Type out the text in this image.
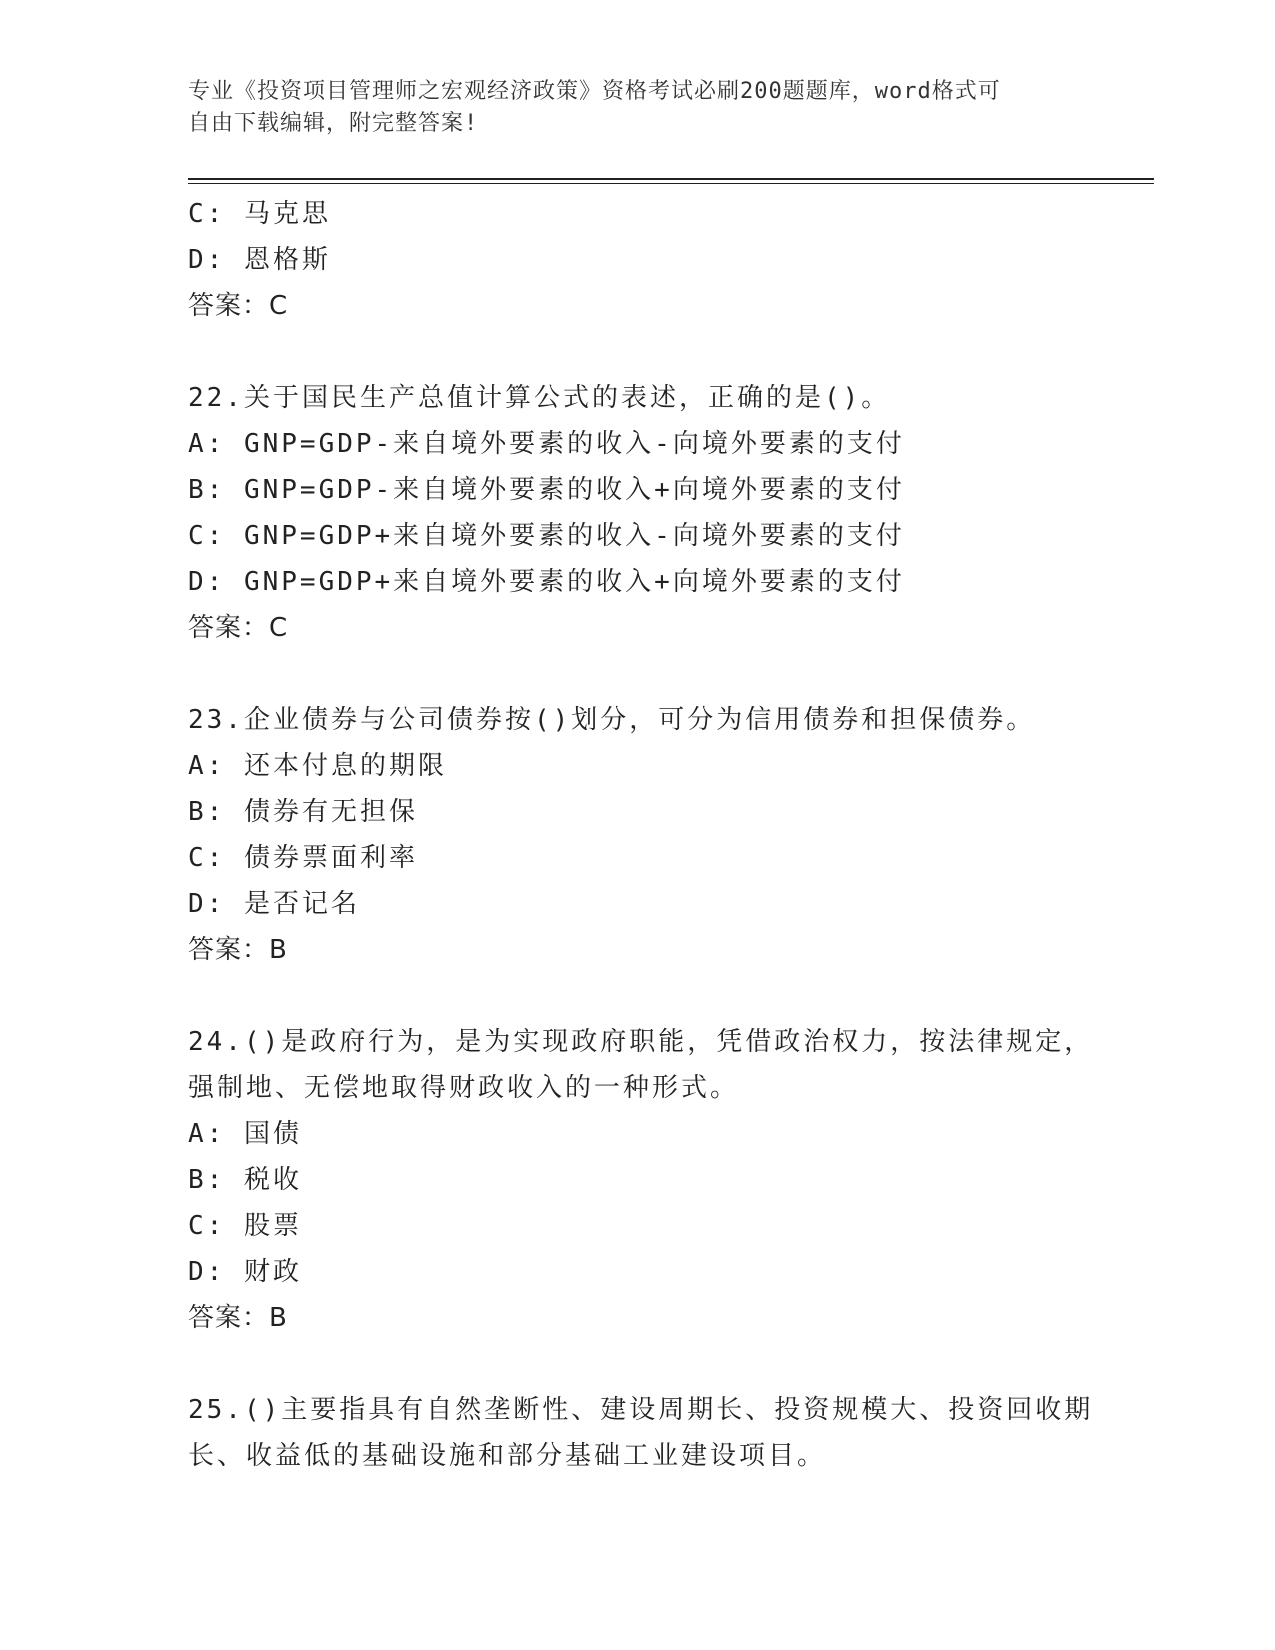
专业《投资项目管理师之宏观经济政策》资格考试必刷200题题库，word格式可
自由下载编辑，附完整答案!
C: 马克思
D: 恩格斯
答案：C
22.关于国民生产总值计算公式的表述，正确的是()。
A: GNP=GDP-来自境外要素的收入-向境外要素的支付
B: GNP=GDP-来自境外要素的收入+向境外要素的支付
C: GNP=GDP+来自境外要素的收入-向境外要素的支付
D: GNP=GDP+来自境外要素的收入+向境外要素的支付
答案：C
23.企业债券与公司债券按()划分，可分为信用债券和担保债券。
A: 还本付息的期限
B: 债券有无担保
C: 债券票面利率
D: 是否记名
答案：B
24.()是政府行为，是为实现政府职能，凭借政治权力，按法律规定，
强制地、无偿地取得财政收入的一种形式。
A: 国债
B: 税收
C: 股票
D: 财政
答案：B
25.()主要指具有自然垄断性、建设周期长、投资规模大、投资回收期
长、收益低的基础设施和部分基础工业建设项目。
